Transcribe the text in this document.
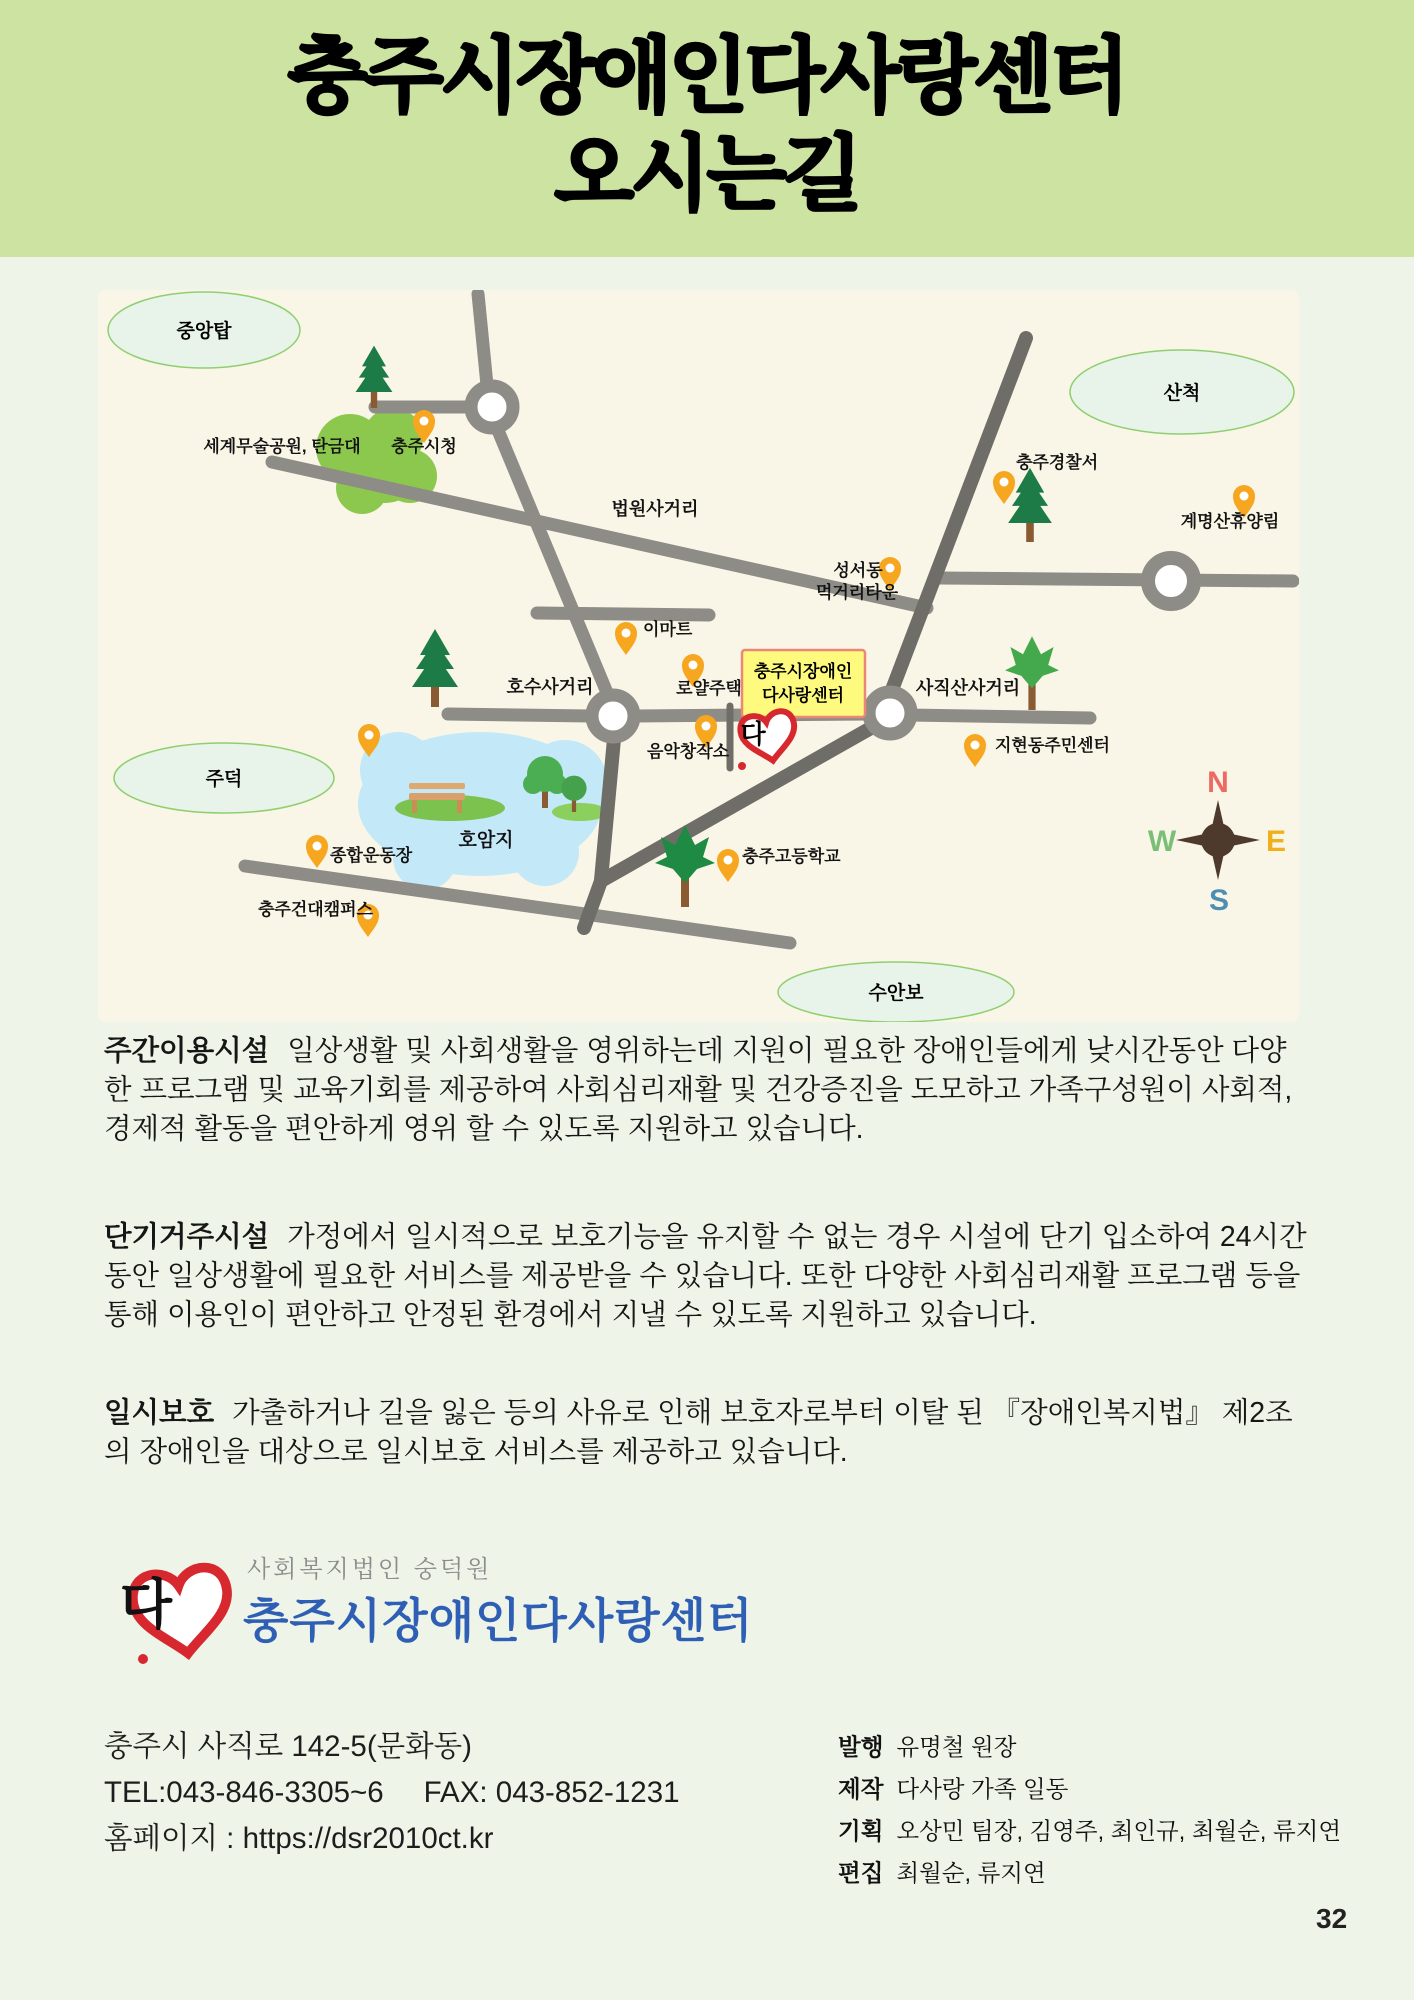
충주시장애인다사랑센터
오시는길
중앙탑
산척
주덕
수안보
세계무술공원, 탄금대 충주시청
법원사거리
충주경찰서
계명산휴양림
성서동
먹거리타운
이마트
로얄주택
호수사거리
음악창작소
사직산사거리
지현동주민센터
호암지
종합운동장
충주건대캠퍼스
충주고등학교
충주시장애인
다사랑센터
다
N
W	E
S
주간이용시설 일상생활 및 사회생활을 영위하는데 지원이 필요한 장애인들에게 낮시간동안 다양한 프로그램 및 교육기회를 제공하여 사회심리재활 및 건강증진을 도모하고 가족구성원이 사회적, 경제적 활동을 편안하게 영위 할 수 있도록 지원하고 있습니다.
단기거주시설 가정에서 일시적으로 보호기능을 유지할 수 없는 경우 시설에 단기 입소하여 24시간 동안 일상생활에 필요한 서비스를 제공받을 수 있습니다. 또한 다양한 사회심리재활 프로그램 등을 통해 이용인이 편안하고 안정된 환경에서 지낼 수 있도록 지원하고 있습니다.
일시보호 가출하거나 길을 잃은 등의 사유로 인해 보호자로부터 이탈 된 『장애인복지법』 제2조의 장애인을 대상으로 일시보호 서비스를 제공하고 있습니다.
다
사회복지법인 숭덕원
충주시장애인다사랑센터
충주시 사직로 142-5(문화동)
TEL:043-846-3305~6 FAX: 043-852-1231
홈페이지 : https://dsr2010ct.kr
발행 유명철 원장
제작 다사랑 가족 일동
기획 오상민 팀장, 김영주, 최인규, 최월순, 류지연
편집 최월순, 류지연
32
